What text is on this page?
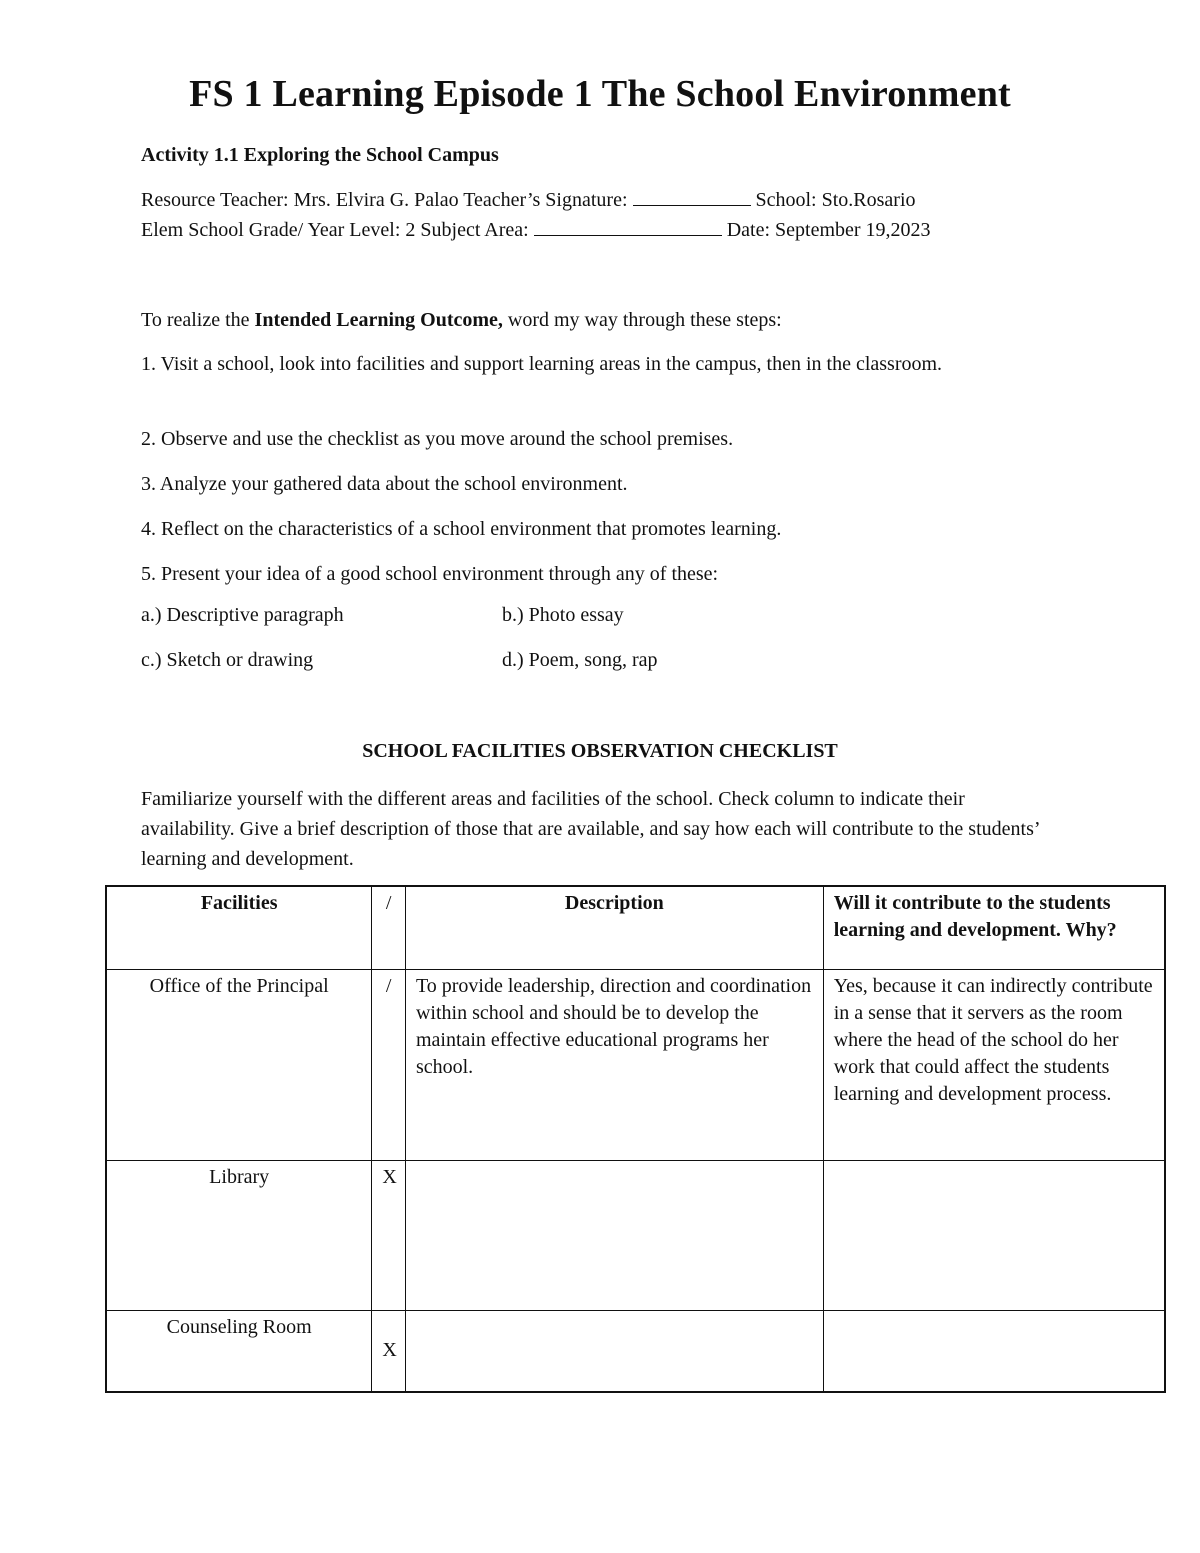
FS 1 Learning Episode 1 The School Environment
Activity 1.1 Exploring the School Campus
Resource Teacher: Mrs. Elvira G. Palao Teacher’s Signature:	School: Sto.Rosario
Elem School Grade/ Year Level: 2 Subject Area:	Date: September 19,2023
To realize the Intended Learning Outcome, word my way through these steps:
1. Visit a school, look into facilities and support learning areas in the campus, then in the classroom.
2. Observe and use the checklist as you move around the school premises.
3. Analyze your gathered data about the school environment.
4. Reflect on the characteristics of a school environment that promotes learning.
5. Present your idea of a good school environment through any of these:
a.) Descriptive paragraph	b.) Photo essay
c.) Sketch or drawing	d.) Poem, song, rap
SCHOOL FACILITIES OBSERVATION CHECKLIST
Familiarize yourself with the different areas and facilities of the school. Check column to indicate their availability. Give a brief description of those that are available, and say how each will contribute to the students’ learning and development.
Facilities	/	Description	Will it contribute to the students learning and development. Why?
Office of the Principal	/	To provide leadership, direction and coordination within school and should be to develop the maintain effective educational programs her school.	Yes, because it can indirectly contribute in a sense that it servers as the room where the head of the school do her work that could affect the students learning and development process.
Library	X		
Counseling Room	X		
